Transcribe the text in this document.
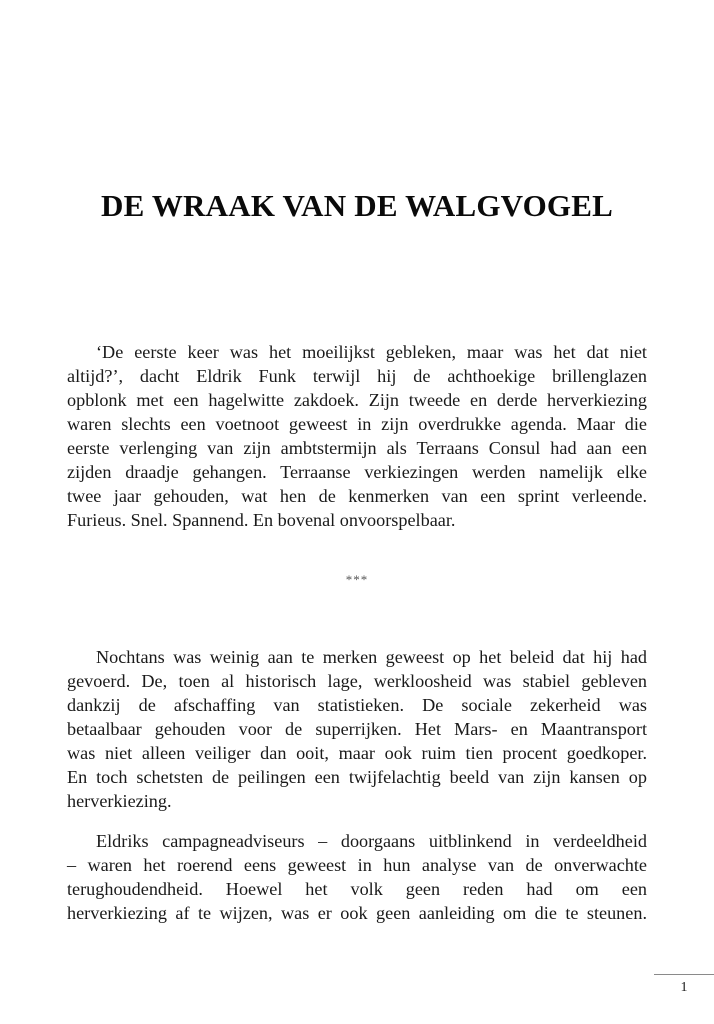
DE WRAAK VAN DE WALGVOGEL
‘De eerste keer was het moeilijkst gebleken, maar was het dat niet
altijd?’, dacht Eldrik Funk terwijl hij de achthoekige brillenglazen
opblonk met een hagelwitte zakdoek. Zijn tweede en derde herverkiezing
waren slechts een voetnoot geweest in zijn overdrukke agenda. Maar die
eerste verlenging van zijn ambtstermijn als Terraans Consul had aan een
zijden draadje gehangen. Terraanse verkiezingen werden namelijk elke
twee jaar gehouden, wat hen de kenmerken van een sprint verleende.
Furieus. Snel. Spannend. En bovenal onvoorspelbaar.
***
Nochtans was weinig aan te merken geweest op het beleid dat hij had
gevoerd. De, toen al historisch lage, werkloosheid was stabiel gebleven
dankzij de afschaffing van statistieken. De sociale zekerheid was
betaalbaar gehouden voor de superrijken. Het Mars- en Maantransport
was niet alleen veiliger dan ooit, maar ook ruim tien procent goedkoper.
En toch schetsten de peilingen een twijfelachtig beeld van zijn kansen op
herverkiezing.
Eldriks campagneadviseurs – doorgaans uitblinkend in verdeeldheid
– waren het roerend eens geweest in hun analyse van de onverwachte
terughoudendheid. Hoewel het volk geen reden had om een
herverkiezing af te wijzen, was er ook geen aanleiding om die te steunen.
1
